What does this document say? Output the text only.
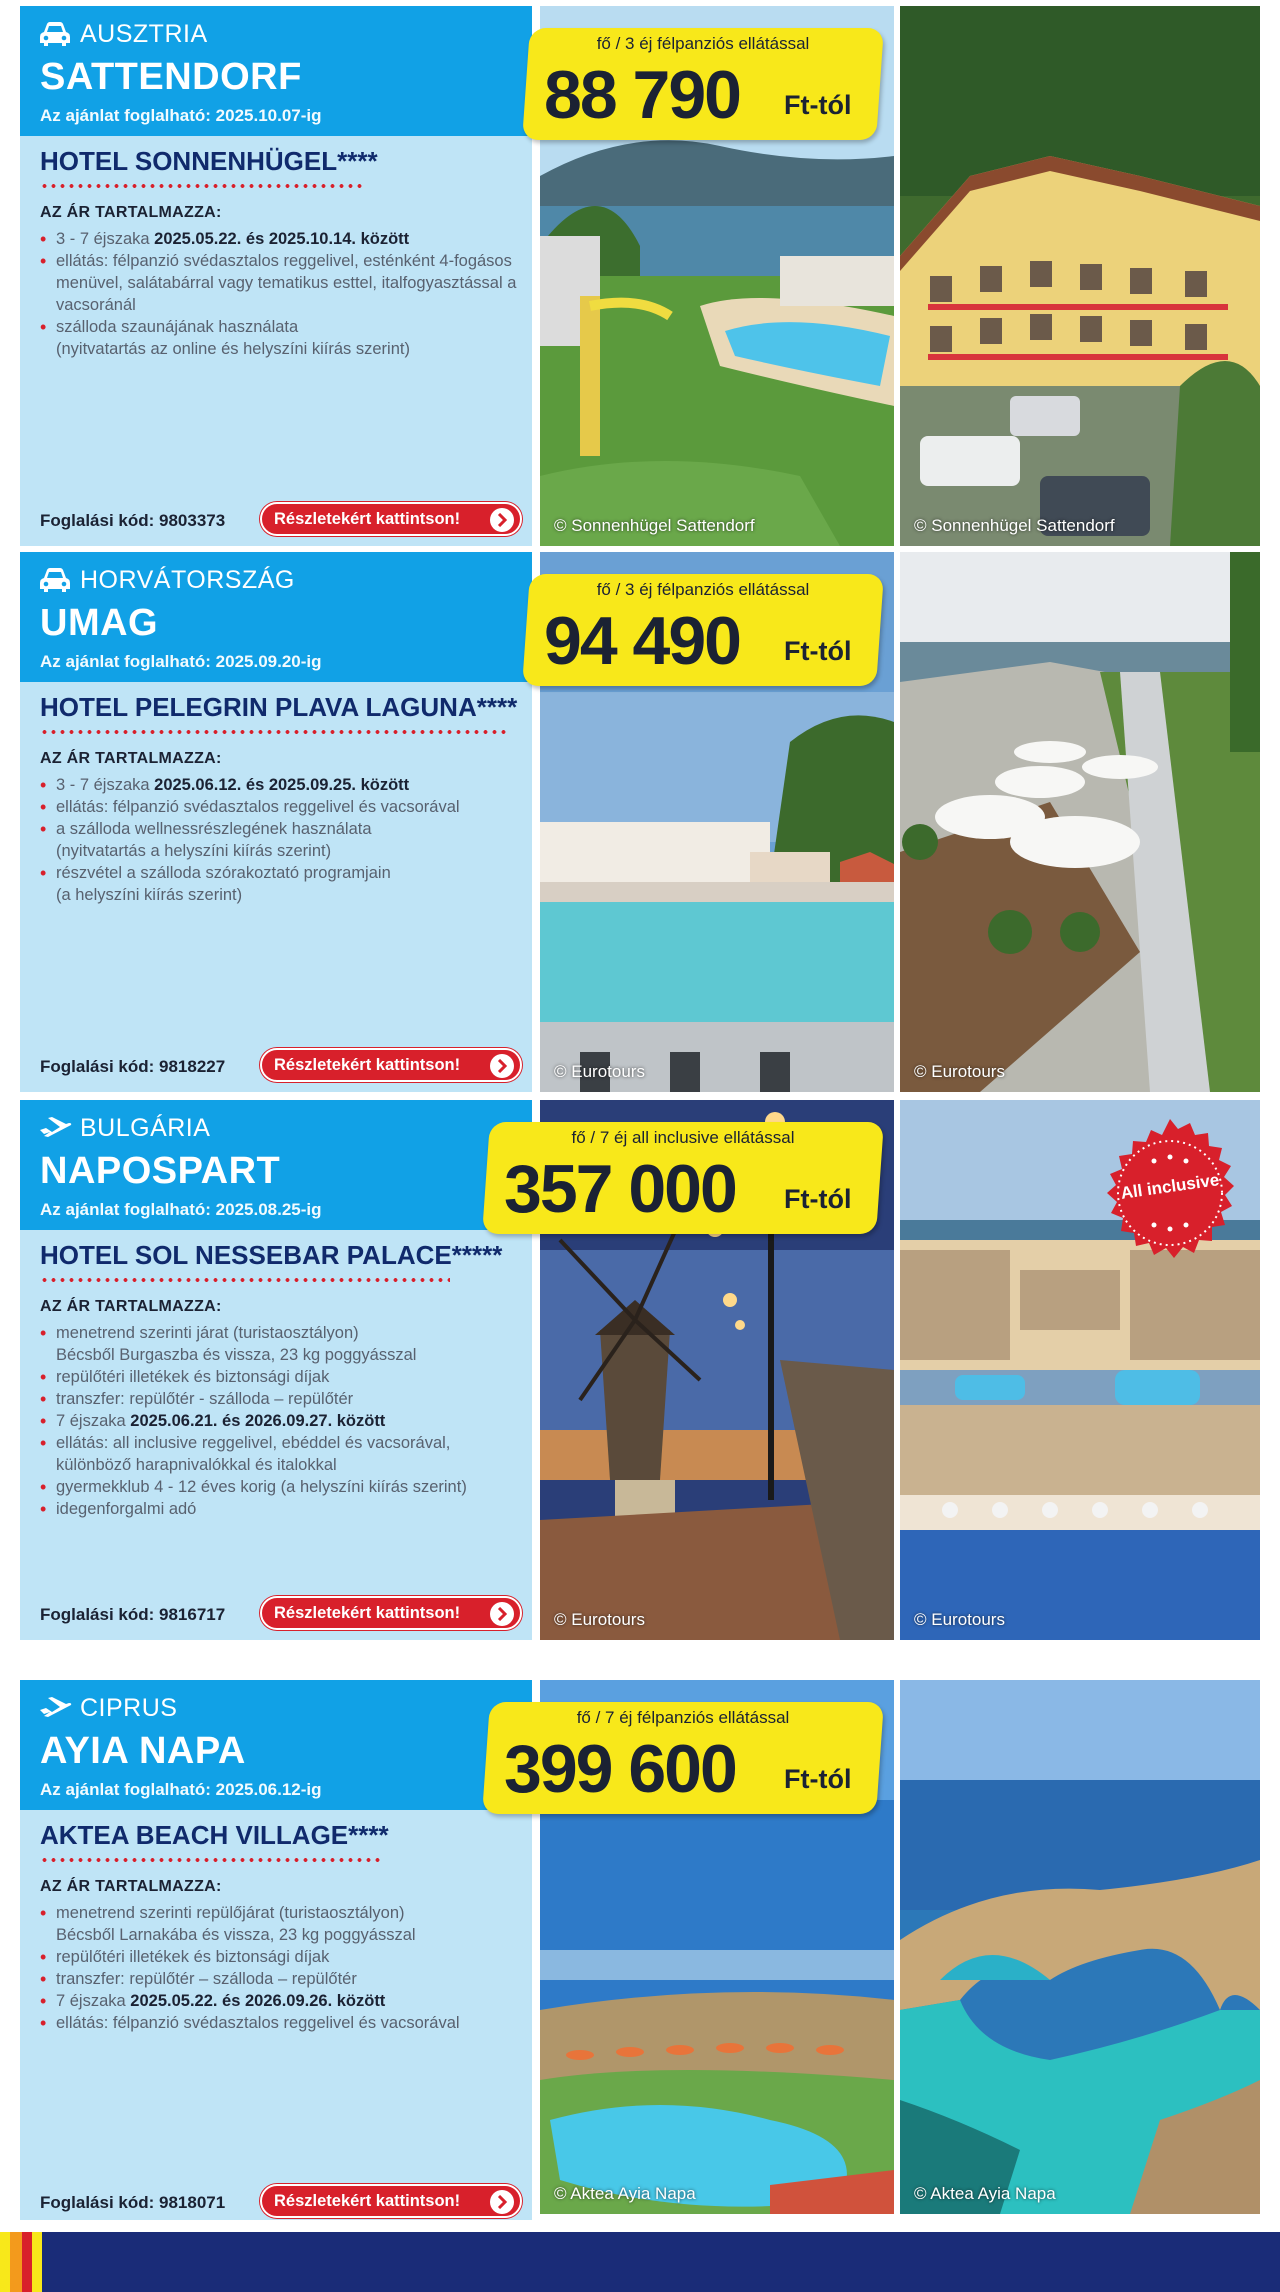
AUSZTRIA
SATTENDORF
Az ajánlat foglalható: 2025.10.07-ig
HOTEL SONNENHÜGEL****
AZ ÁR TARTALMAZZA:
• 3 - 7 éjszaka 2025.05.22. és 2025.10.14. között
• ellátás: félpanzió svédasztalos reggelivel, esténként 4-fogásos menüvel, salátabárral vagy tematikus esttel, italfogyasztással a vacsoránál
• szálloda szaunájának használata
(nyitvatartás az online és helyszíni kiírás szerint)
Foglalási kód: 9803373	Részletekért kattintson!	© Sonnenhügel Sattendorf	© Sonnenhügel Sattendorf
fő / 3 éj félpanziós ellátással
88 790 Ft-tól
HORVÁTORSZÁG
UMAG
Az ajánlat foglalható: 2025.09.20-ig
HOTEL PELEGRIN PLAVA LAGUNA****
AZ ÁR TARTALMAZZA:
• 3 - 7 éjszaka 2025.06.12. és 2025.09.25. között
• ellátás: félpanzió svédasztalos reggelivel és vacsorával
• a szálloda wellnessrészlegének használata
(nyitvatartás a helyszíni kiírás szerint)
• részvétel a szálloda szórakoztató programjain
(a helyszíni kiírás szerint)
Foglalási kód: 9818227	Részletekért kattintson!	© Eurotours	© Eurotours
fő / 3 éj félpanziós ellátással
94 490 Ft-tól
BULGÁRIA
NAPOSPART
Az ajánlat foglalható: 2025.08.25-ig
HOTEL SOL NESSEBAR PALACE*****
AZ ÁR TARTALMAZZA:
• menetrend szerinti járat (turistaosztályon)
Bécsből Burgaszba és vissza, 23 kg poggyásszal
• repülőtéri illetékek és biztonsági díjak
• transzfer: repülőtér - szálloda – repülőtér
• 7 éjszaka 2025.06.21. és 2026.09.27. között
• ellátás: all inclusive reggelivel, ebéddel és vacsorával, különböző harapnivalókkal és italokkal
• gyermekklub 4 - 12 éves korig (a helyszíni kiírás szerint)
• idegenforgalmi adó
Foglalási kód: 9816717	Részletekért kattintson!	© Eurotours	© Eurotours
fő / 7 éj all inclusive ellátással
357 000 Ft-tól	All inclusive
CIPRUS
AYIA NAPA
Az ajánlat foglalható: 2025.06.12-ig
AKTEA BEACH VILLAGE****
AZ ÁR TARTALMAZZA:
• menetrend szerinti repülőjárat (turistaosztályon)
Bécsből Larnakába és vissza, 23 kg poggyásszal
• repülőtéri illetékek és biztonsági díjak
• transzfer: repülőtér – szálloda – repülőtér
• 7 éjszaka 2025.05.22. és 2026.09.26. között
• ellátás: félpanzió svédasztalos reggelivel és vacsorával
Foglalási kód: 9818071	Részletekért kattintson!	© Aktea Ayia Napa	© Aktea Ayia Napa
fő / 7 éj félpanziós ellátással
399 600 Ft-tól
